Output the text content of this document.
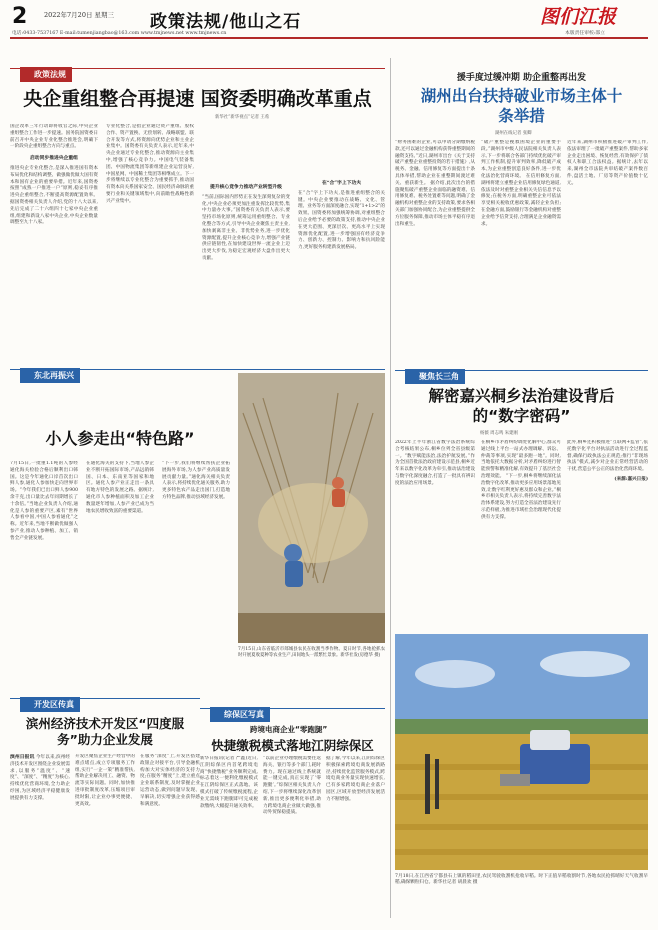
2	政策法规/他山之石
2022年7月20日 星期三	图们江报
电话:0433-7537167 E-mail:tumenjiangbao@163.com www.tmjnews.net www.tmjnews.cn	本版责任审校:邵立
政策法规
央企重组整合再提速 国资委明确改革重点
新华社“新华视点”记者 王希
国企改革三年行动即将收官之际,中央企业重组整合工作进一步提速。国务院国资委日前召开中央企业专业化整合推进会,明确下一阶段央企重组整合方向与重点。
启动同步推进央企重组
推进央企专业化整合,是深入推进国有资本布局优化和结构调整、做强做优做大国有资本和国有企业的重要举措。近年来,国资委按照“成熟一户推进一户”原则,稳妥有序推进央企重组整合,不断提高资源配置效率。据国资委相关负责人介绍,党的十八大以来,先后完成了二十六组四十七家中央企业重组,组建和新设八家中央企业,中央企业数量调整至九十八家。
专业化整合,是指企业通过资产重组、股权合作、资产置换、无偿划转、战略联盟、联合开发等方式,将资源向优势企业和主业企业集中。国资委有关负责人表示,近年来,中央企业通过专业化整合,推动资源向主业集中,增强了核心竞争力。中国电气装备集团、中国物流集团等新组建企业运营良好,中国星网、中国稀土集团等相继成立。下一步将继续以专业化整合为重要抓手,推动国有资本向关系国家安全、国民经济命脉的重要行业和关键领域集中,向前瞻性战略性新兴产业集中。
提升核心竞争力推动产业转型升级
“当前,国际国内形势正在发生深刻复杂的变化,中央企业必须更加注重发挥比较优势,集中力量办大事。”国资委有关负责人表示,要坚持市场化原则,统筹运用重组整合、专业化整合等方式,引导中央企业聚焦主责主业,加快剥离非主业、非优势业务,进一步优化资源配置,提升企业核心竞争力,增强产业链供应链韧性,在加快建设世界一流企业上迈出更大步伐,为稳定宏观经济大盘作出更大贡献。
在“合”字上下功夫
在“合”字上下功夫,是推进重组整合的关键。中央企业要推动在战略、文化、管理、业务等方面深度融合,实现“1+1>2”的效果。国资委将加强统筹协调,对重组整合后企业给予必要的政策支持,推动中央企业在更大范围、更深层次、更高水平上实现资源优化配置,进一步增强国有经济竞争力、创新力、控制力、影响力和抗风险能力,更好服务构建新发展格局。
东北再振兴
小人参走出“特色路”
7月15日,一批重1.1吨的人参经通化海关检验合格后顺利出口韩国。这是今年通化口岸首次出口鲜人参,通化人参加快走向世界市场。“今年我们已出口鲜人参900余千克,出口量比去年同期增长了十余倍。”当地企业负责人介绍,通化是人参的重要产区,素有“世界人参看中国,中国人参看通化”之称。近年来,当地不断做优做强人参产业,推动人参种植、加工、销售全产业链发展。
在通化海关的支持下,当地人参企业不断开拓国际市场,产品远销韩国、日本、东南亚等国家和地区。通化人参产业正走出一条具有地方特色的发展之路。据统计,通化市人参种植面积及加工企业数量逐年增加,人参产业已成为当地农民增收致富的重要渠道。
“下一步,我们将继续帮扶企业拓展海外市场,为人参产业高质量发展贡献力量。”通化海关相关负责人表示,将持续优化通关服务,助力更多特色农产品走出国门,打造地方特色品牌,推动县域经济发展。
7月15日,山东省临沂市郯城县农民在收割当季作物。夏日时节,各地抢抓农时开展夏收夏种等农业生产,田间地头一派繁忙景象。新华社发(房德华 摄)
开发区传真
滨州经济技术开发区“四度服务”助力企业发展
滨州日报讯 今年以来,滨州经济技术开发区围绕企业发展需求,以服务“温度”、“速度”、“深度”、“精度”为核心,持续优化营商环境,全力助企纾困,为区域经济平稳健康发展提供有力支撑。
开发区聚焦企业生产经营中的难点堵点,成立专项服务工作组,实行“一企一策”精准帮扶,帮助企业解决用工、融资、物流等实际问题。同时,加快推进审批制度改革,压缩项目审批时限,让企业办事更便捷、更高效。
在服务“深度”上,开发区搭建政银企对接平台,引导金融机构加大对实体经济的支持力度;在服务“精度”上,建立重点企业联系制度,及时掌握企业运营动态,做到问题早发现、早解决,切实增强企业获得感和满意度。
综保区写真
跨境电商企业“零跑腿”
快捷缴税模式落地江阴综保区
新华日报讯(记者 严鑫)近日,江阴综保区内首笔跨境电商“快捷缴税”业务顺利完成,标志着这一便利化缴税模式在江阴综保区正式落地。该模式打破了传统缴税流程,企业无需线下跑腿即可完成税款缴纳,大幅提升通关效率。
“以前企业办理缴税需要往返海关、银行等多个部门,耗时费力。现在通过线上系统就能一键完成,真正实现了‘零跑腿’。”综保区相关负责人介绍,下一步将继续深化改革创新,推出更多便利化举措,助力跨境电商企业做大做强,推动外贸保稳提质。
据了解,今年以来,江阴综保区积极探索跨境电商发展新路径,持续优化监管服务模式,跨境电商业务量实现快速增长,已有多家跨境电商企业落户园区,区域开放型经济发展活力不断增强。
援手度过缓冲期 助企重整再出发
湖州出台扶持破业市场主体十条举措
湖州在线记者 张卿
“财务困难的企业,可以申请分期缴纳税款,还可以通过金融机构获得重整期间的融资支持。”近日,湖州市出台《关于支持破产重整企业重整投资的若干措施》,从税务、金融、信用修复等方面提出十条具体举措,帮助企业在重整期间渡过难关、重获新生。 据介绍,此次出台的措施聚焦破产重整企业面临的融资难、信用修复难、税务处置难等问题,明确了金融机构对重整企业的支持政策,要求各相关部门加强协同配合,为企业重整提供全方位服务保障,推动市场主体平稳有序退出和重生。
“破产重整是挽救困境企业的重要手段。”湖州市中级人民法院相关负责人表示,下一步将联合各部门持续优化破产审判工作机制,提升审判效率,降低破产成本,为企业重整创造良好条件,进一步优化法治化营商环境。 在信用修复方面,湖州将建立重整企业信用修复绿色通道,依法及时对重整企业相关失信信息予以修复;在税务方面,明确重整企业可依法享受相关税收优惠政策,减轻企业负担;在金融方面,鼓励银行等金融机构对重整企业给予信贷支持,合理满足企业融资需求。
近年来,湖州市积极推进破产审判工作,依法审理了一批破产重整案件,帮助多家企业走出困境、恢复经营,有效保护了债权人和职工合法权益。据统计,去年以来,湖州全市法院共审结破产案件数百件,盘活土地、厂房等资产价值数十亿元。
聚焦长三角
解密嘉兴桐乡法治建设背后的“数字密码”
杨薇 周志鸣 朱建刚
2022年上半年浙江省数字法治系统综合考核结果公布,桐乡位列全省县级第一。“数字赋能法治,法治护航发展。”作为全国首批法治政府建设示范县,桐乡近年来以数字化改革为牵引,推动法治建设与数字化深度融合,打造了一批具有辨识度的法治应用场景。
在桐乡市矛盾纠纷调处化解中心,群众可通过线上平台一站式办理调解、诉讼、仲裁等事项,实现“最多跑一地”。同时,当地依托大数据分析,对矛盾纠纷进行智能预警和精准化解,有效提升了基层社会治理效能。 “下一步,桐乡将继续深化法治数字化改革,推动更多应用场景落地见效,让数字红利更好惠及群众和企业。”桐乡市相关负责人表示,将持续完善数字法治体系建设,努力打造全省法治建设先行示范样板,为推进市域社会治理现代化提供有力支撑。
此外,桐乡还积极推进“互联网+监管”,依托数字化平台对执法活动进行全过程监督,确保行政执法公正规范;推行“非现场执法”模式,减少对企业正常经营活动的干扰,营造公平公正的法治化营商环境。
(来源:嘉兴日报)
7月18日,在江西省宁都县石上镇的稻田里,农民驾驶收割机抢收早稻。时下正值早稻收割时节,各地农民抢抓晴好天气收割早稻,确保颗粒归仓。新华社记者 胡晨欢 摄
